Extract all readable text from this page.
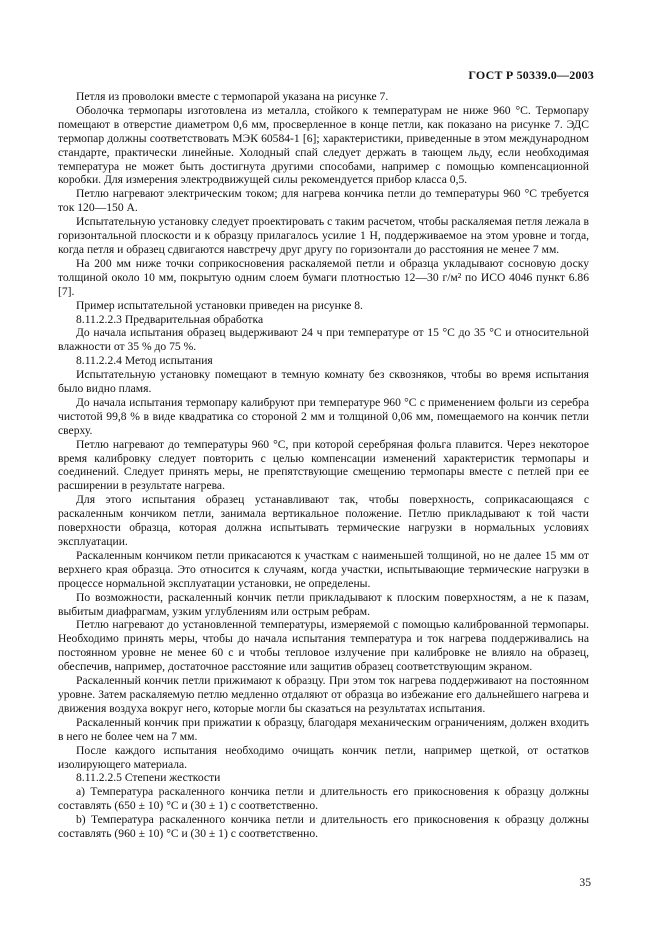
ГОСТ Р 50339.0—2003

Петля из проволоки вместе с термопарой указана на рисунке 7.

Оболочка термопары изготовлена из металла, стойкого к температурам не ниже 960 °С. Термопару помещают в отверстие диаметром 0,6 мм, просверленное в конце петли, как показано на рисунке 7. ЭДС термопар должны соответствовать МЭК 60584-1 [6]; характеристики, приведенные в этом международном стандарте, практически линейные. Холодный спай следует держать в тающем льду, если необходимая температура не может быть достигнута другими способами, например с помощью компенсационной коробки. Для измерения электродвижущей силы рекомендуется прибор класса 0,5.

Петлю нагревают электрическим током; для нагрева кончика петли до температуры 960 °С требуется ток 120—150 А.

Испытательную установку следует проектировать с таким расчетом, чтобы раскаляемая петля лежала в горизонтальной плоскости и к образцу прилагалось усилие 1 Н, поддерживаемое на этом уровне и тогда, когда петля и образец сдвигаются навстречу друг другу по горизонтали до расстояния не менее 7 мм.

На 200 мм ниже точки соприкосновения раскаляемой петли и образца укладывают сосновую доску толщиной около 10 мм, покрытую одним слоем бумаги плотностью 12—30 г/м² по ИСО 4046 пункт 6.86 [7].

Пример испытательной установки приведен на рисунке 8.

8.11.2.2.3 Предварительная обработка

До начала испытания образец выдерживают 24 ч при температуре от 15 °С до 35 °С и относительной влажности от 35 % до 75 %.

8.11.2.2.4 Метод испытания

Испытательную установку помещают в темную комнату без сквозняков, чтобы во время испытания было видно пламя.

До начала испытания термопару калибруют при температуре 960 °С с применением фольги из серебра чистотой 99,8 % в виде квадратика со стороной 2 мм и толщиной 0,06 мм, помещаемого на кончик петли сверху.

Петлю нагревают до температуры 960 °С, при которой серебряная фольга плавится. Через некоторое время калибровку следует повторить с целью компенсации изменений характеристик термопары и соединений. Следует принять меры, не препятствующие смещению термопары вместе с петлей при ее расширении в результате нагрева.

Для этого испытания образец устанавливают так, чтобы поверхность, соприкасающаяся с раскаленным кончиком петли, занимала вертикальное положение. Петлю прикладывают к той части поверхности образца, которая должна испытывать термические нагрузки в нормальных условиях эксплуатации.

Раскаленным кончиком петли прикасаются к участкам с наименьшей толщиной, но не далее 15 мм от верхнего края образца. Это относится к случаям, когда участки, испытывающие термические нагрузки в процессе нормальной эксплуатации установки, не определены.

По возможности, раскаленный кончик петли прикладывают к плоским поверхностям, а не к пазам, выбитым диафрагмам, узким углублениям или острым ребрам.

Петлю нагревают до установленной температуры, измеряемой с помощью калиброванной термопары. Необходимо принять меры, чтобы до начала испытания температура и ток нагрева поддерживались на постоянном уровне не менее 60 с и чтобы тепловое излучение при калибровке не влияло на образец, обеспечив, например, достаточное расстояние или защитив образец соответствующим экраном.

Раскаленный кончик петли прижимают к образцу. При этом ток нагрева поддерживают на постоянном уровне. Затем раскаляемую петлю медленно отдаляют от образца во избежание его дальнейшего нагрева и движения воздуха вокруг него, которые могли бы сказаться на результатах испытания.

Раскаленный кончик при прижатии к образцу, благодаря механическим ограничениям, должен входить в него не более чем на 7 мм.

После каждого испытания необходимо очищать кончик петли, например щеткой, от остатков изолирующего материала.

8.11.2.2.5 Степени жесткости

a) Температура раскаленного кончика петли и длительность его прикосновения к образцу должны составлять (650 ± 10) °С и (30 ± 1) с соответственно.

b) Температура раскаленного кончика петли и длительность его прикосновения к образцу должны составлять (960 ± 10) °С и (30 ± 1) с соответственно.

35
